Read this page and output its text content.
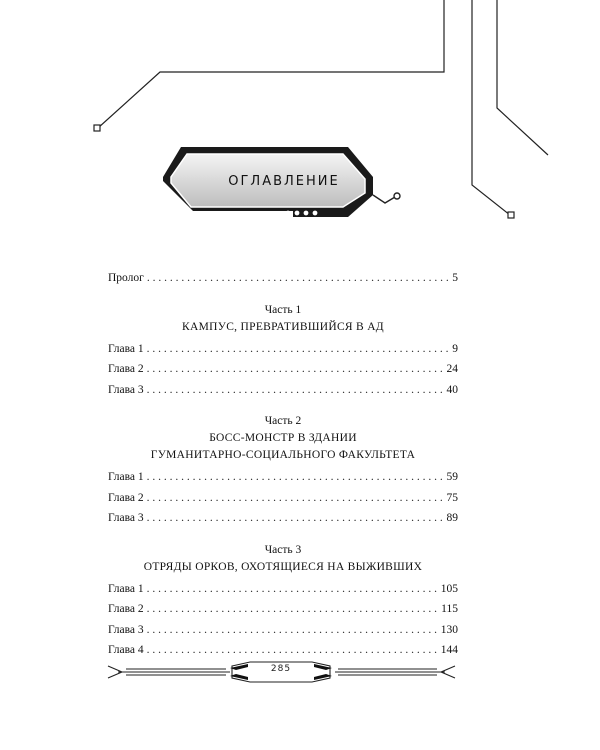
ОГЛАВЛЕНИЕ
Пролог . . .	5
Часть 1
КАМПУС, ПРЕВРАТИВШИЙСЯ В АД
Глава 1 . . .	9
Глава 2 . . .	24
Глава 3 . . .	40
Часть 2
БОСС-МОНСТР В ЗДАНИИ
ГУМАНИТАРНО-СОЦИАЛЬНОГО ФАКУЛЬТЕТА
Глава 1 . . .	59
Глава 2 . . .	75
Глава 3 . . .	89
Часть 3
ОТРЯДЫ ОРКОВ, ОХОТЯЩИЕСЯ НА ВЫЖИВШИХ
Глава 1 . . .	105
Глава 2 . . .	115
Глава 3 . . .	130
Глава 4 . . .	144
285
